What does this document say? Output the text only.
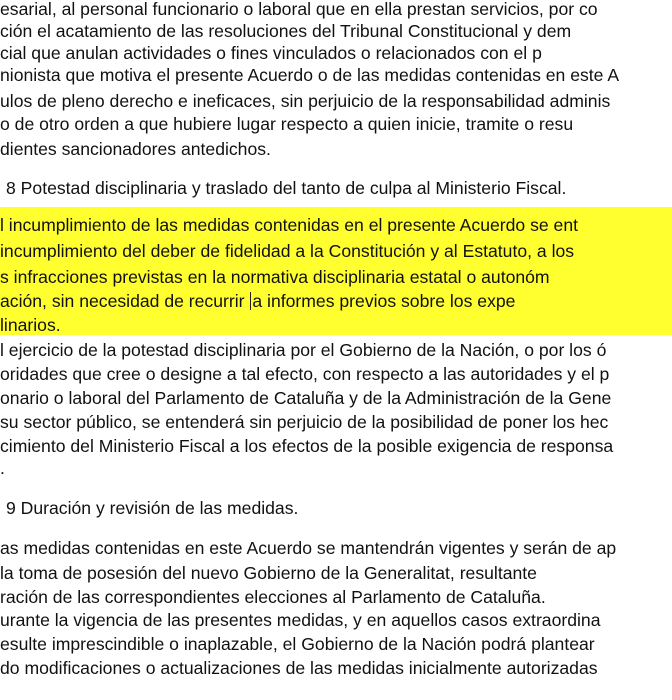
esarial, al personal funcionario o laboral que en ella prestan servicios, por co
ción el acatamiento de las resoluciones del Tribunal Constitucional y dem
cial que anulan actividades o fines vinculados o relacionados con el p
nionista que motiva el presente Acuerdo o de las medidas contenidas en este A
ulos de pleno derecho e ineficaces, sin perjuicio de la responsabilidad adminis
o de otro orden a que hubiere lugar respecto a quien inicie, tramite o resu
dientes sancionadores antedichos.
8 Potestad disciplinaria y traslado del tanto de culpa al Ministerio Fiscal.
l incumplimiento de las medidas contenidas en el presente Acuerdo se ent
incumplimiento del deber de fidelidad a la Constitución y al Estatuto, a los
s infracciones previstas en la normativa disciplinaria estatal o autonóm
ación, sin necesidad de recurrir a informes previos sobre los expe
linarios.
l ejercicio de la potestad disciplinaria por el Gobierno de la Nación, o por los ó
oridades que cree o designe a tal efecto, con respecto a las autoridades y el p
onario o laboral del Parlamento de Cataluña y de la Administración de la Gene
su sector público, se entenderá sin perjuicio de la posibilidad de poner los hec
cimiento del Ministerio Fiscal a los efectos de la posible exigencia de responsa
.
9 Duración y revisión de las medidas.
as medidas contenidas en este Acuerdo se mantendrán vigentes y serán de ap
la toma de posesión del nuevo Gobierno de la Generalitat, resultante
ración de las correspondientes elecciones al Parlamento de Cataluña.
urante la vigencia de las presentes medidas, y en aquellos casos extraordina
esulte imprescindible o inaplazable, el Gobierno de la Nación podrá plantear
do modificaciones o actualizaciones de las medidas inicialmente autorizadas
